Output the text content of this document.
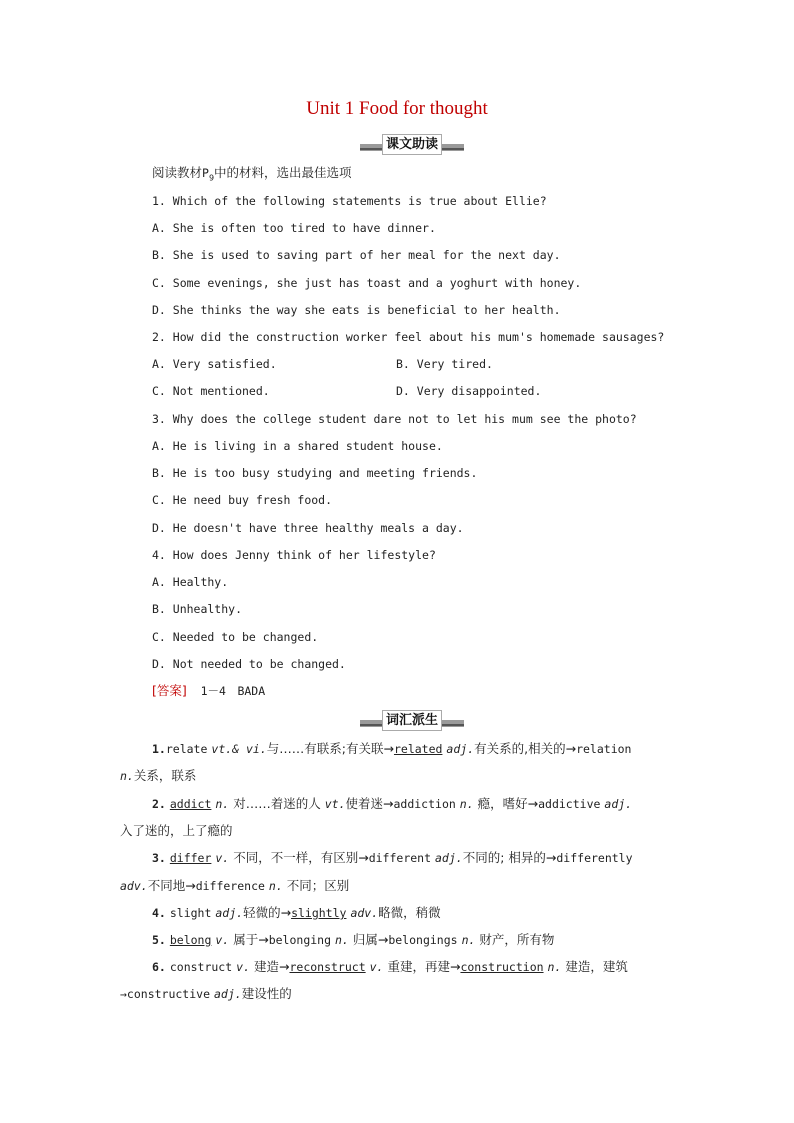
Unit 1 Food for thought
课文助读
阅读教材$P_9$中的材料，选出最佳选项
1. Which of the following statements is true about Ellie?
A. She is often too tired to have dinner.
B. She is used to saving part of her meal for the next day.
C. Some evenings, she just has toast and a yoghurt with honey.
D. She thinks the way she eats is beneficial to her health.
2. How did the construction worker feel about his mum's homemade sausages?
A. Very satisfied.	B. Very tired.
C. Not mentioned.	D. Very disappointed.
3. Why does the college student dare not to let his mum see the photo?
A. He is living in a shared student house.
B. He is too busy studying and meeting friends.
C. He need buy fresh food.
D. He doesn't have three healthy meals a day.
4. How does Jenny think of her lifestyle?
A. Healthy.
B. Unhealthy.
C. Needed to be changed.
D. Not needed to be changed.
[答案] 1－4　BADA
词汇派生
1.relate vt.& vi.与……有联系;有关联→related adj.有关系的,相关的→relation
n.关系，联系
2. addict n. 对……着迷的人 vt.使着迷→addiction n. 瘾，嗜好→addictive adj.
入了迷的，上了瘾的
3. differ v. 不同，不一样，有区别→different adj.不同的; 相异的→differently
adv.不同地→difference n. 不同；区别
4. slight adj.轻微的→slightly adv.略微，稍微
5. belong v. 属于→belonging n. 归属→belongings n. 财产，所有物
6. construct v. 建造→reconstruct v. 重建，再建→construction n. 建造，建筑
→constructive adj.建设性的
